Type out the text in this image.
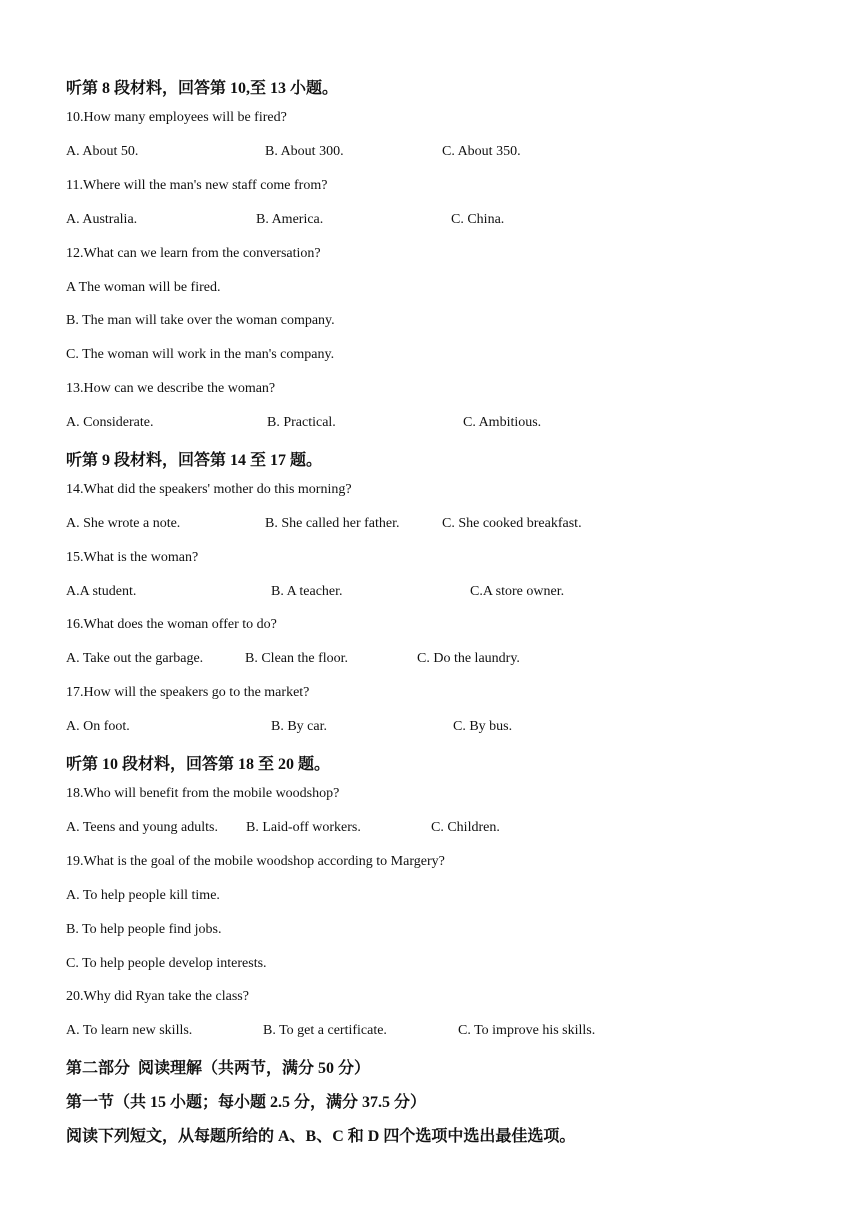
听第 8 段材料，回答第 10,至 13 小题。
10.How many employees will be fired?
A. About 50.	B. About 300.	C. About 350.
11.Where will the man's new staff come from?
A. Australia.	B. America.	C. China.
12.What can we learn from the conversation?
A The woman will be fired.
B. The man will take over the woman company.
C. The woman will work in the man's company.
13.How can we describe the woman?
A. Considerate.	B. Practical.	C. Ambitious.
听第 9 段材料，回答第 14 至 17 题。
14.What did the speakers' mother do this morning?
A. She wrote a note.	B. She called her father.	C. She cooked breakfast.
15.What is the woman?
A.A student.	B. A teacher.	C.A store owner.
16.What does the woman offer to do?
A. Take out the garbage.	B. Clean the floor.	C. Do the laundry.
17.How will the speakers go to the market?
A. On foot.	B. By car.	C. By bus.
听第 10 段材料，回答第 18 至 20 题。
18.Who will benefit from the mobile woodshop?
A. Teens and young adults. B. Laid-off workers.	C. Children.
19.What is the goal of the mobile woodshop according to Margery?
A. To help people kill time.
B. To help people find jobs.
C. To help people develop interests.
20.Why did Ryan take the class?
A. To learn new skills.	B. To get a certificate.	C. To improve his skills.
第二部分  阅读理解（共两节，满分 50 分）
第一节（共 15 小题；每小题 2.5 分，满分 37.5 分）
阅读下列短文，从每题所给的 A、B、C 和 D 四个选项中选出最佳选项。
